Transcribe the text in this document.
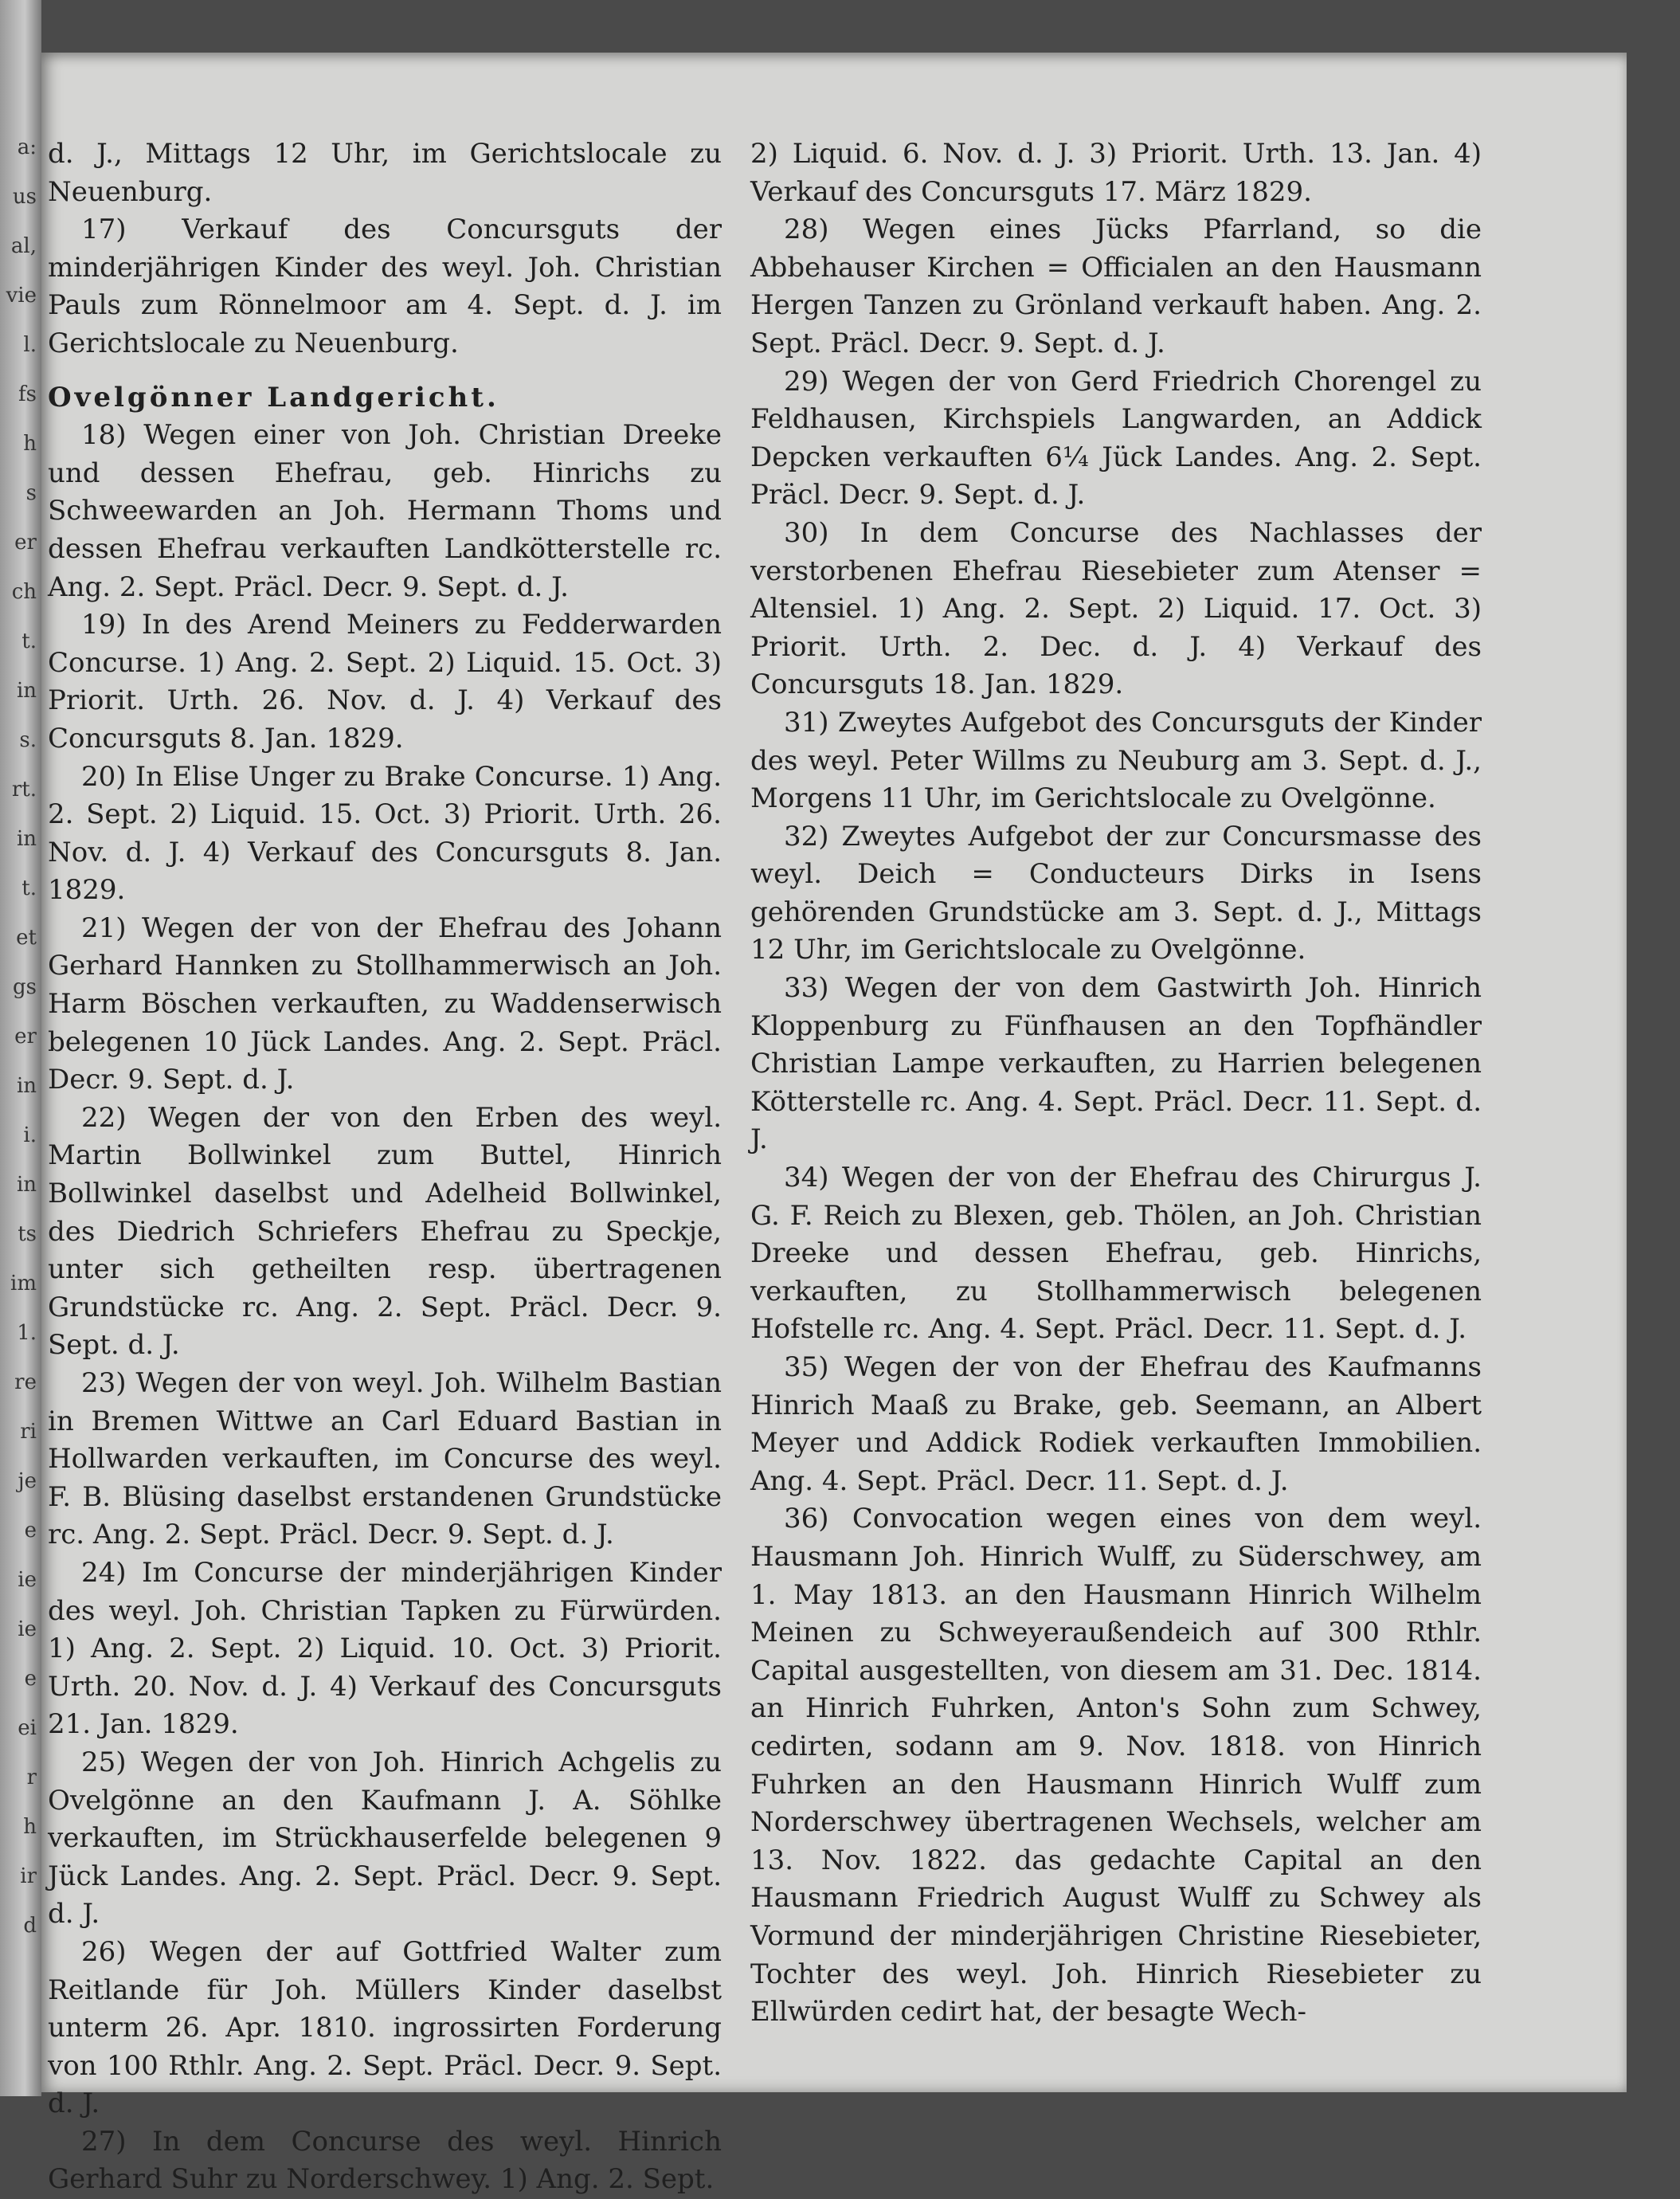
a:
us
al,
vie
l.
fs
h
s
er
ch
t.
in
s.
rt.
in
t.
et
gs
er
in
i.
in
ts
im
1.
re
ri
je
e
ie
ie
e
ei
r
h
ir
d

d. J., Mittags 12 Uhr, im Gerichtslocale zu Neuenburg.

17) Verkauf des Concursguts der minderjährigen Kinder des weyl. Joh. Christian Pauls zum Rönnelmoor am 4. Sept. d. J. im Gerichtslocale zu Neuenburg.

Ovelgönner Landgericht.

18) Wegen einer von Joh. Christian Dreeke und dessen Ehefrau, geb. Hinrichs zu Schweewarden an Joh. Hermann Thoms und dessen Ehefrau verkauften Landkötterstelle rc. Ang. 2. Sept. Präcl. Decr. 9. Sept. d. J.

19) In des Arend Meiners zu Fedderwarden Concurse. 1) Ang. 2. Sept. 2) Liquid. 15. Oct. 3) Priorit. Urth. 26. Nov. d. J. 4) Verkauf des Concursguts 8. Jan. 1829.

20) In Elise Unger zu Brake Concurse. 1) Ang. 2. Sept. 2) Liquid. 15. Oct. 3) Priorit. Urth. 26. Nov. d. J. 4) Verkauf des Concursguts 8. Jan. 1829.

21) Wegen der von der Ehefrau des Johann Gerhard Hannken zu Stollhammerwisch an Joh. Harm Böschen verkauften, zu Waddenserwisch belegenen 10 Jück Landes. Ang. 2. Sept. Präcl. Decr. 9. Sept. d. J.

22) Wegen der von den Erben des weyl. Martin Bollwinkel zum Buttel, Hinrich Bollwinkel daselbst und Adelheid Bollwinkel, des Diedrich Schriefers Ehefrau zu Speckje, unter sich getheilten resp. übertragenen Grundstücke rc. Ang. 2. Sept. Präcl. Decr. 9. Sept. d. J.

23) Wegen der von weyl. Joh. Wilhelm Bastian in Bremen Wittwe an Carl Eduard Bastian in Hollwarden verkauften, im Concurse des weyl. F. B. Blüsing daselbst erstandenen Grundstücke rc. Ang. 2. Sept. Präcl. Decr. 9. Sept. d. J.

24) Im Concurse der minderjährigen Kinder des weyl. Joh. Christian Tapken zu Fürwürden. 1) Ang. 2. Sept. 2) Liquid. 10. Oct. 3) Priorit. Urth. 20. Nov. d. J. 4) Verkauf des Concursguts 21. Jan. 1829.

25) Wegen der von Joh. Hinrich Achgelis zu Ovelgönne an den Kaufmann J. A. Söhlke verkauften, im Strückhauserfelde belegenen 9 Jück Landes. Ang. 2. Sept. Präcl. Decr. 9. Sept. d. J.

26) Wegen der auf Gottfried Walter zum Reitlande für Joh. Müllers Kinder daselbst unterm 26. Apr. 1810. ingrossirten Forderung von 100 Rthlr. Ang. 2. Sept. Präcl. Decr. 9. Sept. d. J.

27) In dem Concurse des weyl. Hinrich Gerhard Suhr zu Norderschwey. 1) Ang. 2. Sept.

2) Liquid. 6. Nov. d. J. 3) Priorit. Urth. 13. Jan. 4) Verkauf des Concursguts 17. März 1829.

28) Wegen eines Jücks Pfarrland, so die Abbehauser Kirchen = Officialen an den Hausmann Hergen Tanzen zu Grönland verkauft haben. Ang. 2. Sept. Präcl. Decr. 9. Sept. d. J.

29) Wegen der von Gerd Friedrich Chorengel zu Feldhausen, Kirchspiels Langwarden, an Addick Depcken verkauften 6¼ Jück Landes. Ang. 2. Sept. Präcl. Decr. 9. Sept. d. J.

30) In dem Concurse des Nachlasses der verstorbenen Ehefrau Riesebieter zum Atenser = Altensiel. 1) Ang. 2. Sept. 2) Liquid. 17. Oct. 3) Priorit. Urth. 2. Dec. d. J. 4) Verkauf des Concursguts 18. Jan. 1829.

31) Zweytes Aufgebot des Concursguts der Kinder des weyl. Peter Willms zu Neuburg am 3. Sept. d. J., Morgens 11 Uhr, im Gerichtslocale zu Ovelgönne.

32) Zweytes Aufgebot der zur Concursmasse des weyl. Deich = Conducteurs Dirks in Isens gehörenden Grundstücke am 3. Sept. d. J., Mittags 12 Uhr, im Gerichtslocale zu Ovelgönne.

33) Wegen der von dem Gastwirth Joh. Hinrich Kloppenburg zu Fünfhausen an den Topfhändler Christian Lampe verkauften, zu Harrien belegenen Kötterstelle rc. Ang. 4. Sept. Präcl. Decr. 11. Sept. d. J.

34) Wegen der von der Ehefrau des Chirurgus J. G. F. Reich zu Blexen, geb. Thölen, an Joh. Christian Dreeke und dessen Ehefrau, geb. Hinrichs, verkauften, zu Stollhammerwisch belegenen Hofstelle rc. Ang. 4. Sept. Präcl. Decr. 11. Sept. d. J.

35) Wegen der von der Ehefrau des Kaufmanns Hinrich Maaß zu Brake, geb. Seemann, an Albert Meyer und Addick Rodiek verkauften Immobilien. Ang. 4. Sept. Präcl. Decr. 11. Sept. d. J.

36) Convocation wegen eines von dem weyl. Hausmann Joh. Hinrich Wulff, zu Süderschwey, am 1. May 1813. an den Hausmann Hinrich Wilhelm Meinen zu Schweyeraußendeich auf 300 Rthlr. Capital ausgestellten, von diesem am 31. Dec. 1814. an Hinrich Fuhrken, Anton's Sohn zum Schwey, cedirten, sodann am 9. Nov. 1818. von Hinrich Fuhrken an den Hausmann Hinrich Wulff zum Norderschwey übertragenen Wechsels, welcher am 13. Nov. 1822. das gedachte Capital an den Hausmann Friedrich August Wulff zu Schwey als Vormund der minderjährigen Christine Riesebieter, Tochter des weyl. Joh. Hinrich Riesebieter zu Ellwürden cedirt hat, der besagte Wech-
